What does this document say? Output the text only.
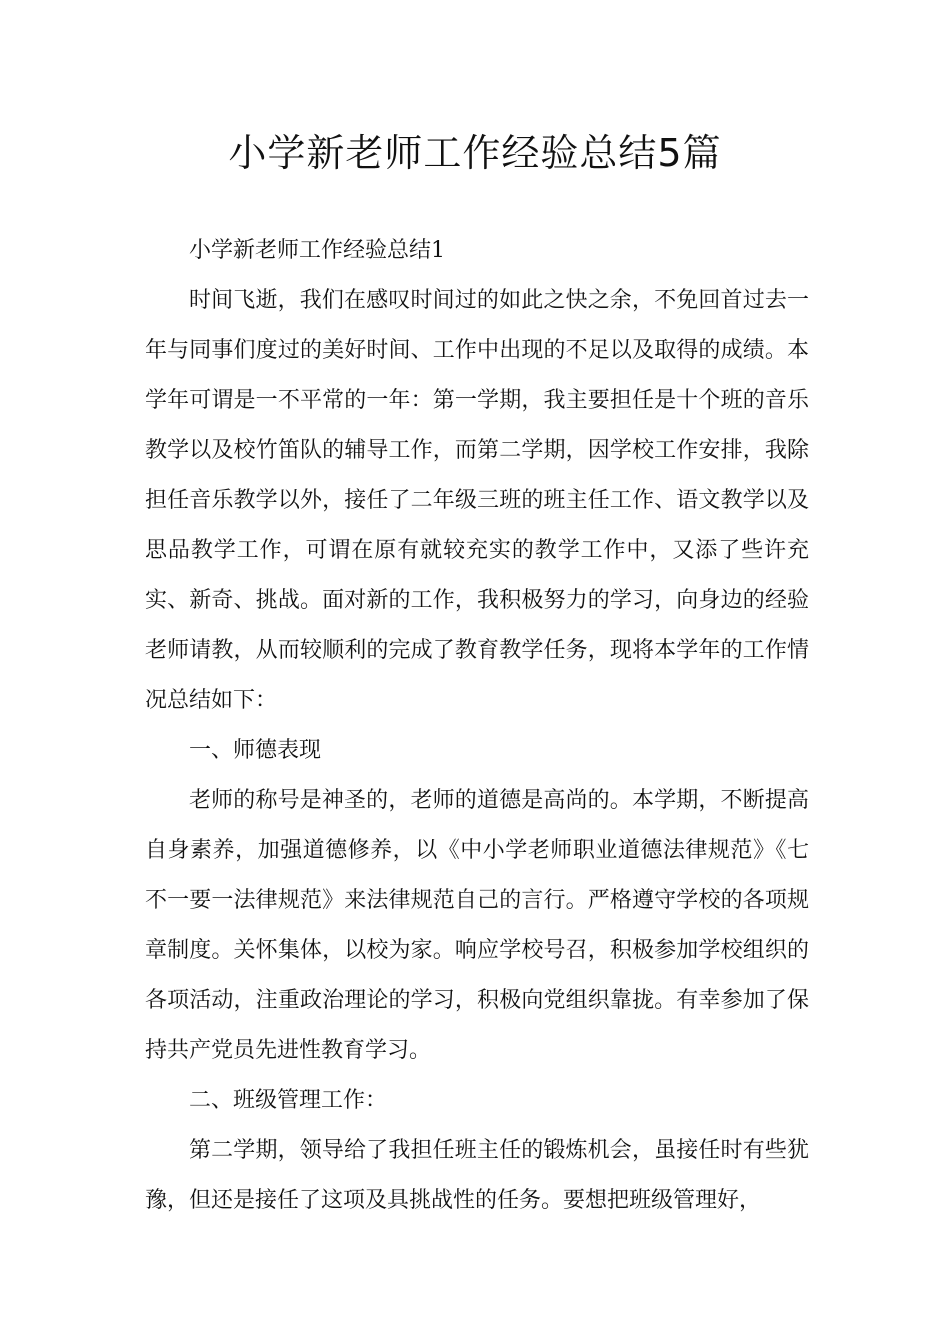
小学新老师工作经验总结5篇

小学新老师工作经验总结1

时间飞逝，我们在感叹时间过的如此之快之余，不免回首过去一年与同事们度过的美好时间、工作中出现的不足以及取得的成绩。本学年可谓是一不平常的一年：第一学期，我主要担任是十个班的音乐教学以及校竹笛队的辅导工作，而第二学期，因学校工作安排，我除担任音乐教学以外，接任了二年级三班的班主任工作、语文教学以及思品教学工作，可谓在原有就较充实的教学工作中，又添了些许充实、新奇、挑战。面对新的工作，我积极努力的学习，向身边的经验老师请教，从而较顺利的完成了教育教学任务，现将本学年的工作情况总结如下：

一、师德表现

老师的称号是神圣的，老师的道德是高尚的。本学期，不断提高自身素养，加强道德修养，以《中小学老师职业道德法律规范》《七不一要一法律规范》来法律规范自己的言行。严格遵守学校的各项规章制度。关怀集体，以校为家。响应学校号召，积极参加学校组织的各项活动，注重政治理论的学习，积极向党组织靠拢。有幸参加了保持共产党员先进性教育学习。

二、班级管理工作：

第二学期，领导给了我担任班主任的锻炼机会，虽接任时有些犹豫，但还是接任了这项及具挑战性的任务。要想把班级管理好，
